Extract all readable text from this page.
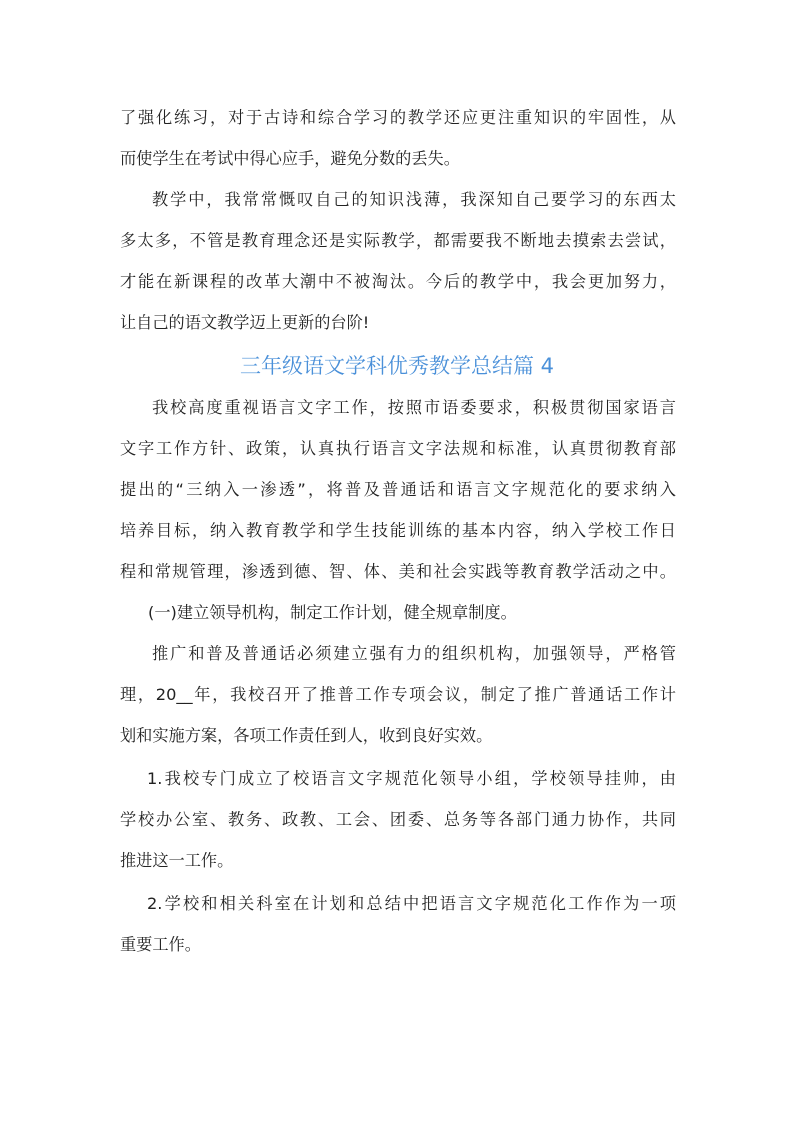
了强化练习，对于古诗和综合学习的教学还应更注重知识的牢固性，从
而使学生在考试中得心应手，避免分数的丢失。
教学中，我常常慨叹自己的知识浅薄，我深知自己要学习的东西太
多太多，不管是教育理念还是实际教学，都需要我不断地去摸索去尝试，
才能在新课程的改革大潮中不被淘汰。今后的教学中，我会更加努力，
让自己的语文教学迈上更新的台阶!
三年级语文学科优秀教学总结篇 4
我校高度重视语言文字工作，按照市语委要求，积极贯彻国家语言
文字工作方针、政策，认真执行语言文字法规和标准，认真贯彻教育部
提出的“三纳入一渗透”，将普及普通话和语言文字规范化的要求纳入
培养目标，纳入教育教学和学生技能训练的基本内容，纳入学校工作日
程和常规管理，渗透到德、智、体、美和社会实践等教育教学活动之中。
(一)建立领导机构，制定工作计划，健全规章制度。
推广和普及普通话必须建立强有力的组织机构，加强领导，严格管
理，20__年，我校召开了推普工作专项会议，制定了推广普通话工作计
划和实施方案，各项工作责任到人，收到良好实效。
1.我校专门成立了校语言文字规范化领导小组，学校领导挂帅，由
学校办公室、教务、政教、工会、团委、总务等各部门通力协作，共同
推进这一工作。
2.学校和相关科室在计划和总结中把语言文字规范化工作作为一项
重要工作。
